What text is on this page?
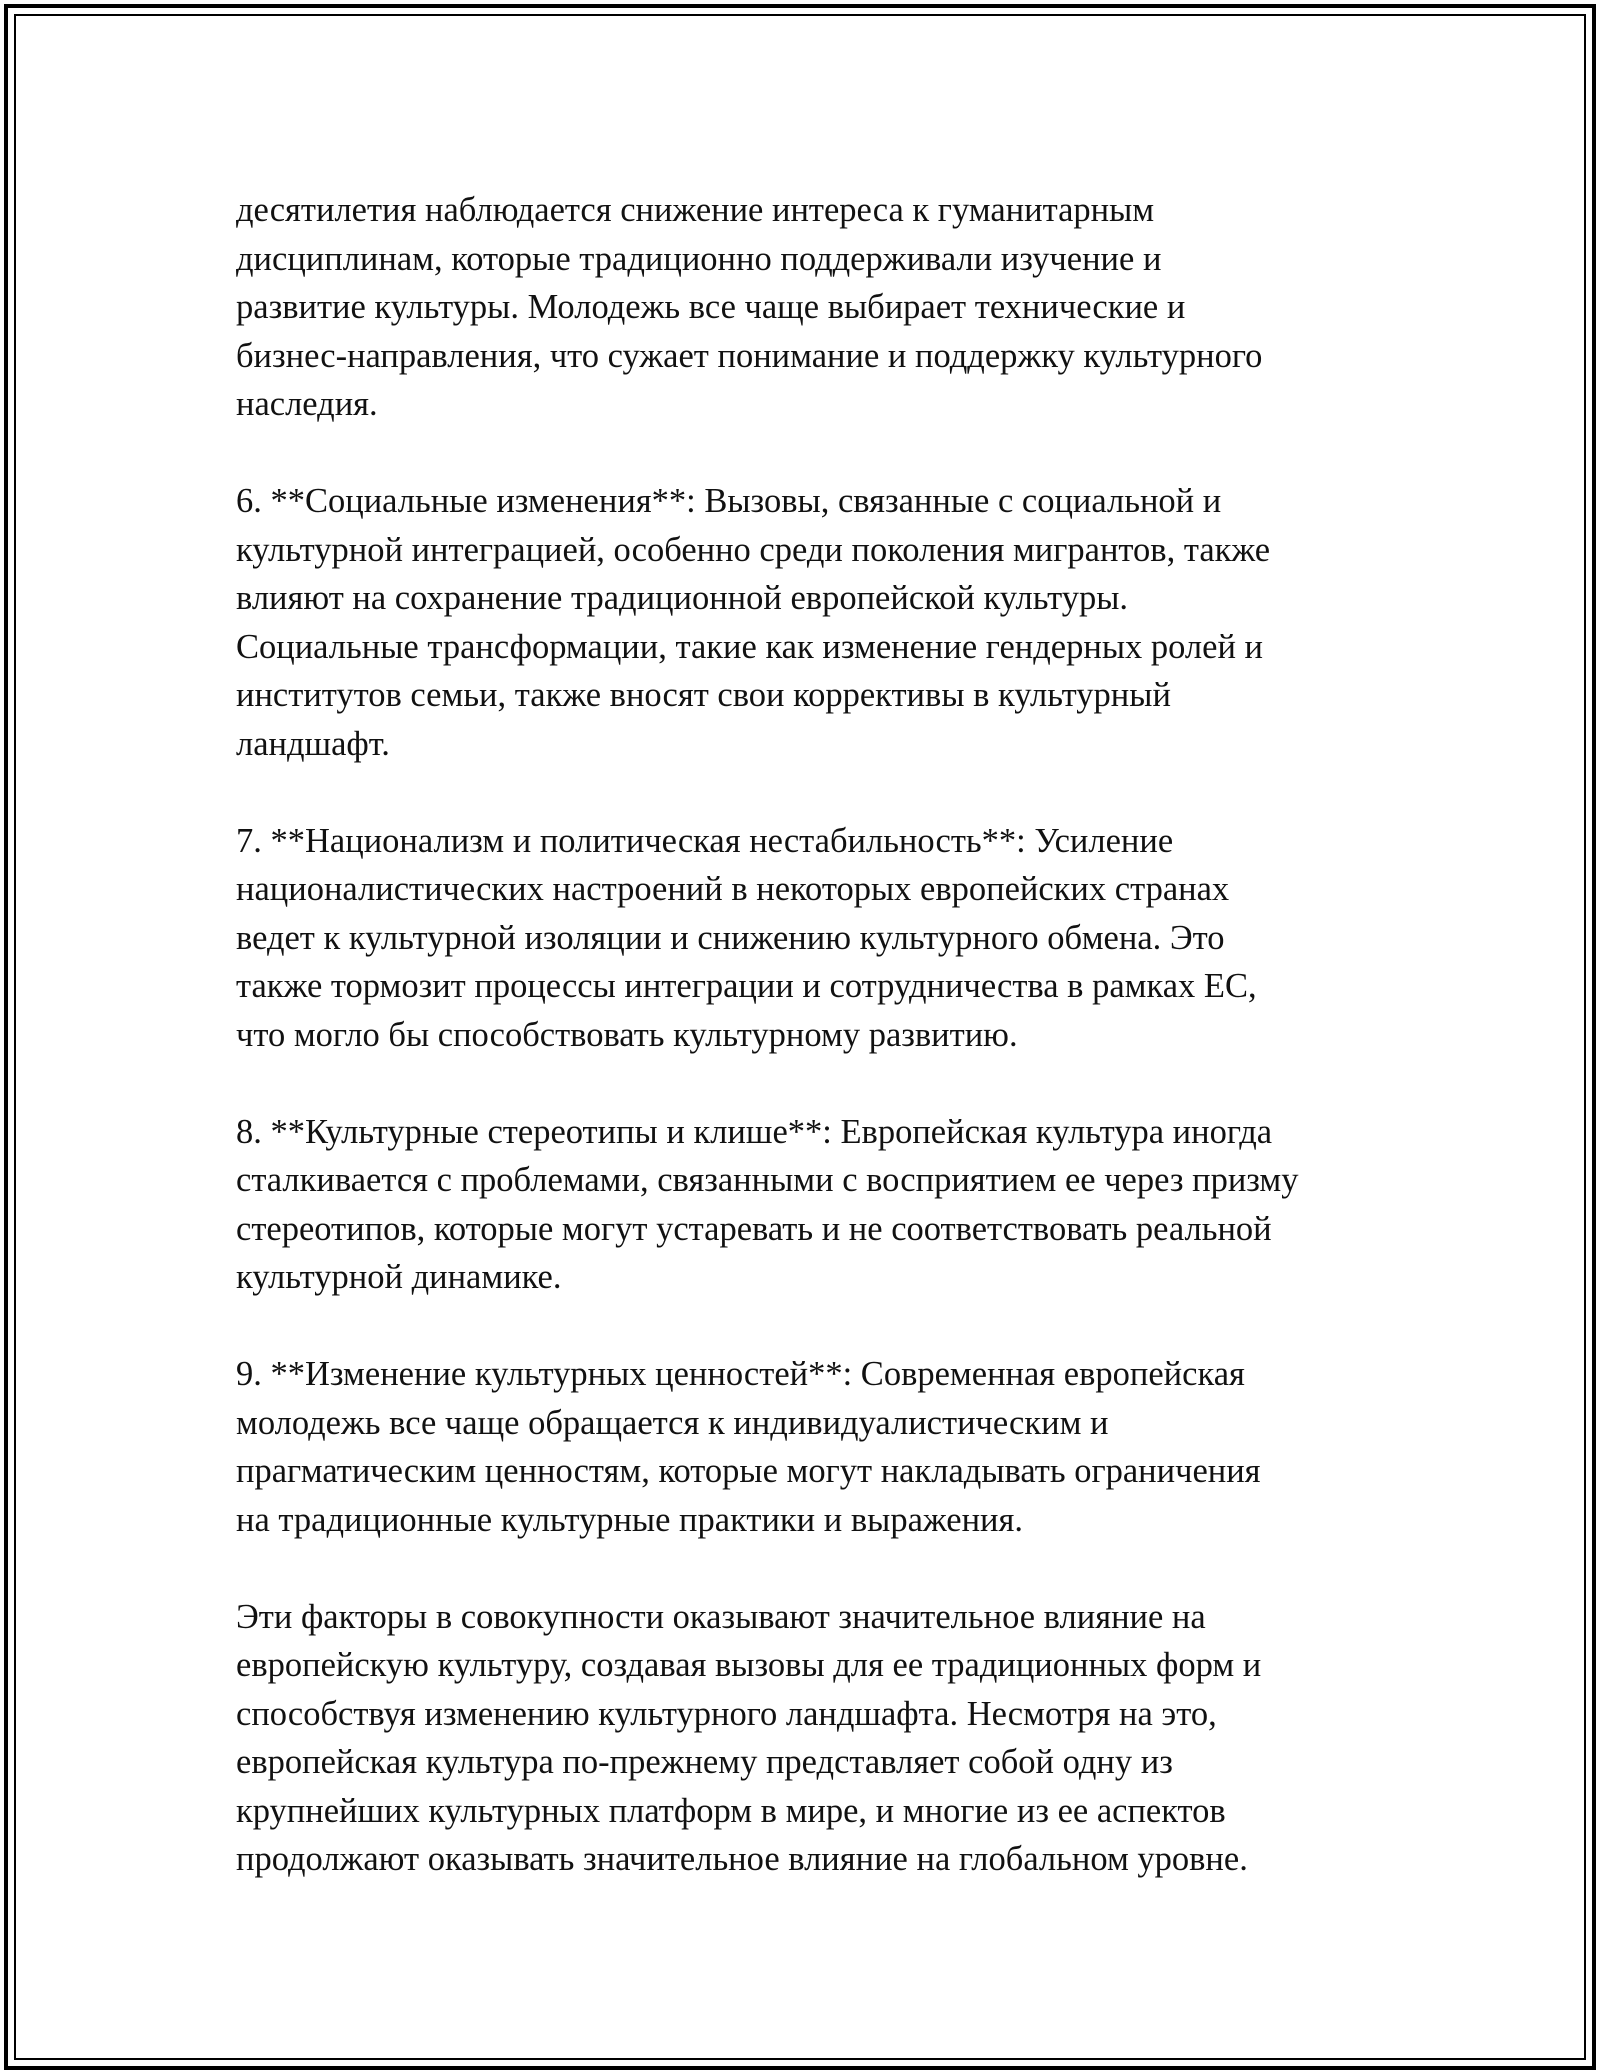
десятилетия наблюдается снижение интереса к гуманитарным
дисциплинам, которые традиционно поддерживали изучение и
развитие культуры. Молодежь все чаще выбирает технические и
бизнес-направления, что сужает понимание и поддержку культурного
наследия.

6. **Социальные изменения**: Вызовы, связанные с социальной и
культурной интеграцией, особенно среди поколения мигрантов, также
влияют на сохранение традиционной европейской культуры.
Социальные трансформации, такие как изменение гендерных ролей и
институтов семьи, также вносят свои коррективы в культурный
ландшафт.

7. **Национализм и политическая нестабильность**: Усиление
националистических настроений в некоторых европейских странах
ведет к культурной изоляции и снижению культурного обмена. Это
также тормозит процессы интеграции и сотрудничества в рамках ЕС,
что могло бы способствовать культурному развитию.

8. **Культурные стереотипы и клише**: Европейская культура иногда
сталкивается с проблемами, связанными с восприятием ее через призму
стереотипов, которые могут устаревать и не соответствовать реальной
культурной динамике.

9. **Изменение культурных ценностей**: Современная европейская
молодежь все чаще обращается к индивидуалистическим и
прагматическим ценностям, которые могут накладывать ограничения
на традиционные культурные практики и выражения.

Эти факторы в совокупности оказывают значительное влияние на
европейскую культуру, создавая вызовы для ее традиционных форм и
способствуя изменению культурного ландшафта. Несмотря на это,
европейская культура по-прежнему представляет собой одну из
крупнейших культурных платформ в мире, и многие из ее аспектов
продолжают оказывать значительное влияние на глобальном уровне.
